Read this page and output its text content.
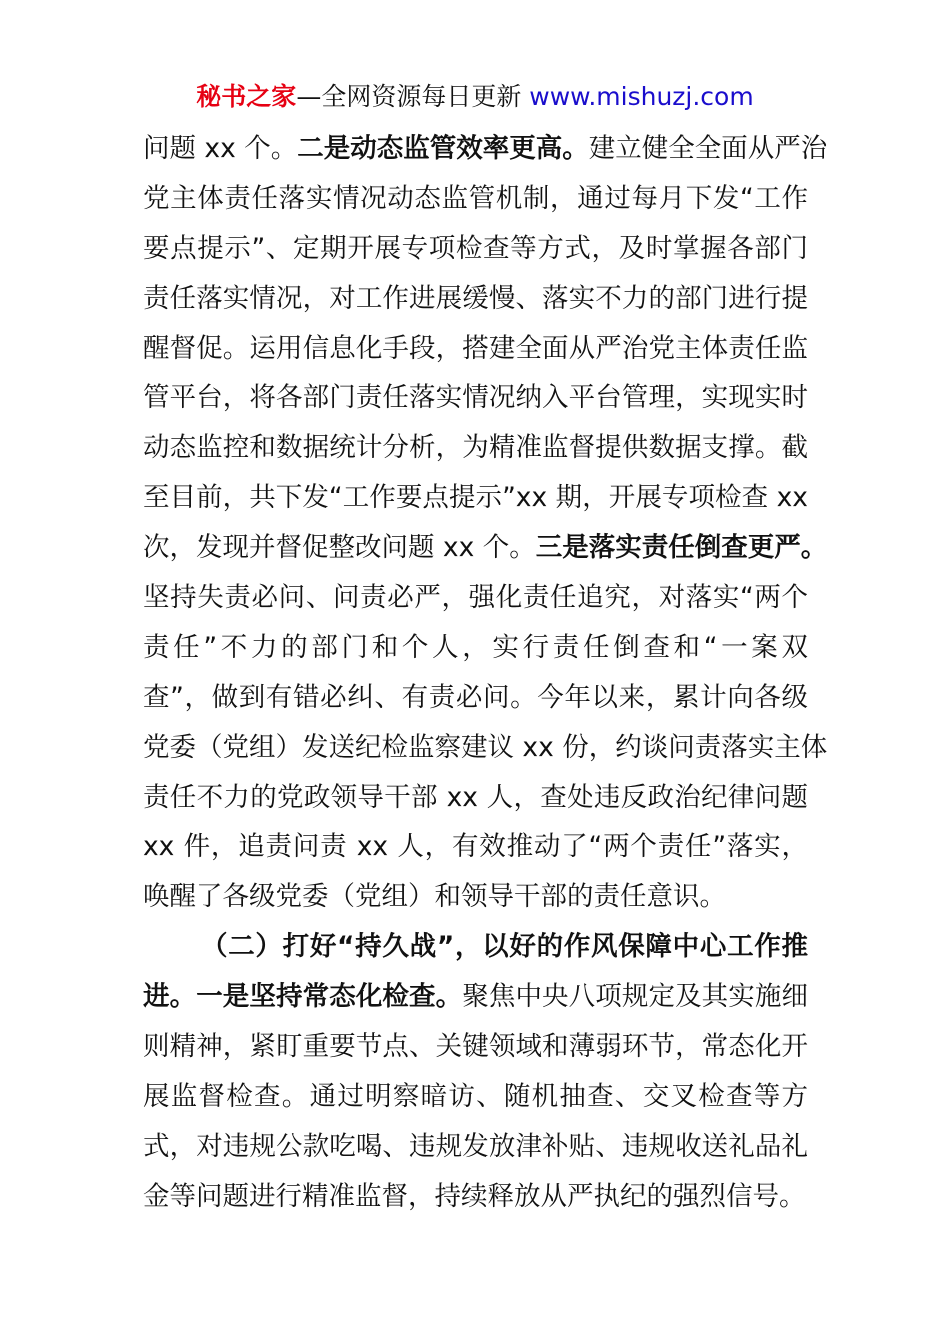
秘书之家—全网资源每日更新 www.mishuzj.com
问题 xx 个。二是动态监管效率更高。建立健全全面从严治
党主体责任落实情况动态监管机制，通过每月下发“工作
要点提示”、定期开展专项检查等方式，及时掌握各部门
责任落实情况，对工作进展缓慢、落实不力的部门进行提
醒督促。运用信息化手段，搭建全面从严治党主体责任监
管平台，将各部门责任落实情况纳入平台管理，实现实时
动态监控和数据统计分析，为精准监督提供数据支撑。截
至目前，共下发“工作要点提示”xx 期，开展专项检查 xx
次，发现并督促整改问题 xx 个。三是落实责任倒查更严。
坚持失责必问、问责必严，强化责任追究，对落实“两个
责任”不力的部门和个人，实行责任倒查和“一案双
查”，做到有错必纠、有责必问。今年以来，累计向各级
党委（党组）发送纪检监察建议 xx 份，约谈问责落实主体
责任不力的党政领导干部 xx 人，查处违反政治纪律问题
xx 件，追责问责 xx 人，有效推动了“两个责任”落实，
唤醒了各级党委（党组）和领导干部的责任意识。
（二）打好“持久战”，以好的作风保障中心工作推
进。一是坚持常态化检查。聚焦中央八项规定及其实施细
则精神，紧盯重要节点、关键领域和薄弱环节，常态化开
展监督检查。通过明察暗访、随机抽查、交叉检查等方
式，对违规公款吃喝、违规发放津补贴、违规收送礼品礼
金等问题进行精准监督，持续释放从严执纪的强烈信号。
